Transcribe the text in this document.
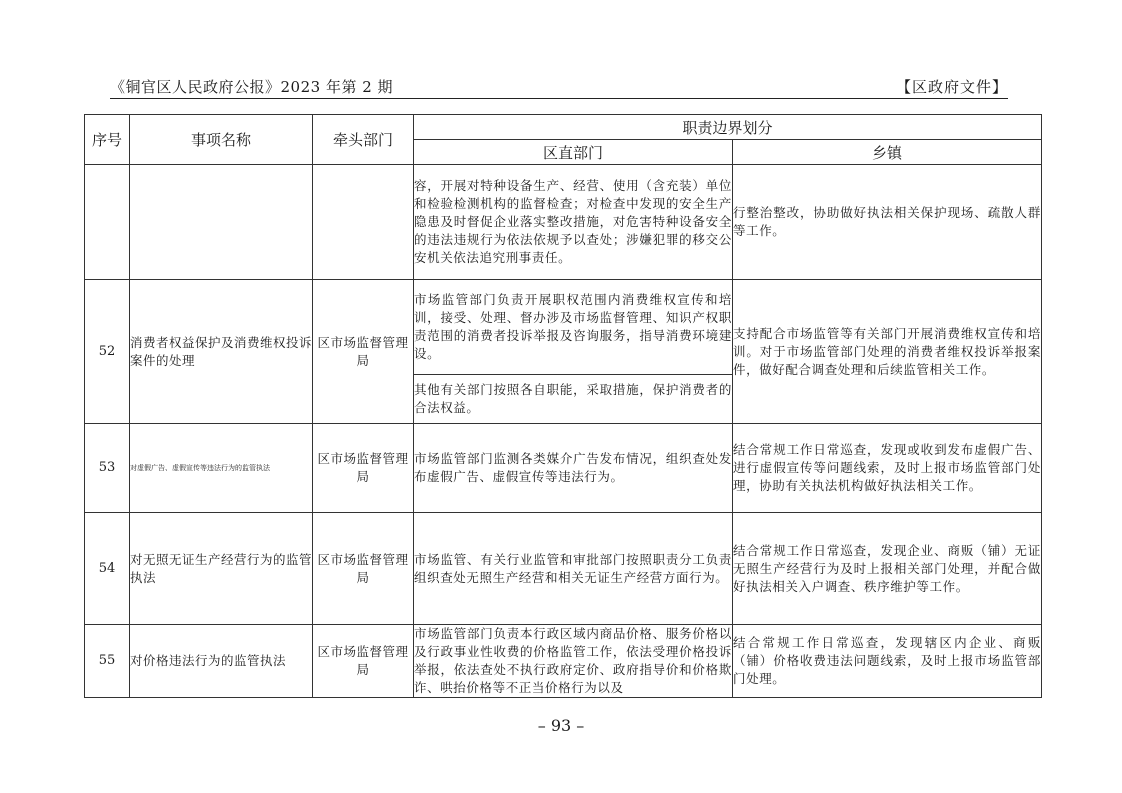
《铜官区人民政府公报》2023 年第 2 期	【区政府文件】
序号	事项名称	牵头部门	职责边界划分	
			区直部门	乡镇
			容，开展对特种设备生产、经营、使用（含充装）单位和检验检测机构的监督检查；对检查中发现的安全生产隐患及时督促企业落实整改措施，对危害特种设备安全的违法违规行为依法依规予以查处；涉嫌犯罪的移交公安机关依法追究刑事责任。	行整治整改，协助做好执法相关保护现场、疏散人群等工作。
52	消费者权益保护及消费维权投诉案件的处理	区市场监督管理局	市场监管部门负责开展职权范围内消费维权宣传和培训，接受、处理、督办涉及市场监督管理、知识产权职责范围的消费者投诉举报及咨询服务，指导消费环境建设。	支持配合市场监管等有关部门开展消费维权宣传和培训。对于市场监管部门处理的消费者维权投诉举报案件，做好配合调查处理和后续监管相关工作。
			其他有关部门按照各自职能，采取措施，保护消费者的合法权益。	
53	对虚假广告、虚假宣传等违法行为的监管执法	区市场监督管理局	市场监管部门监测各类媒介广告发布情况，组织查处发布虚假广告、虚假宣传等违法行为。	结合常规工作日常巡查，发现或收到发布虚假广告、进行虚假宣传等问题线索，及时上报市场监管部门处理，协助有关执法机构做好执法相关工作。
54	对无照无证生产经营行为的监管执法	区市场监督管理局	市场监管、有关行业监管和审批部门按照职责分工负责组织查处无照生产经营和相关无证生产经营方面行为。	结合常规工作日常巡查，发现企业、商贩（铺）无证无照生产经营行为及时上报相关部门处理，并配合做好执法相关入户调查、秩序维护等工作。
55	对价格违法行为的监管执法	区市场监督管理局	市场监管部门负责本行政区域内商品价格、服务价格以及行政事业性收费的价格监管工作，依法受理价格投诉举报，依法查处不执行政府定价、政府指导价和价格欺诈、哄抬价格等不正当价格行为以及	结合常规工作日常巡查，发现辖区内企业、商贩（铺）价格收费违法问题线索，及时上报市场监管部门处理。
– 93 –
